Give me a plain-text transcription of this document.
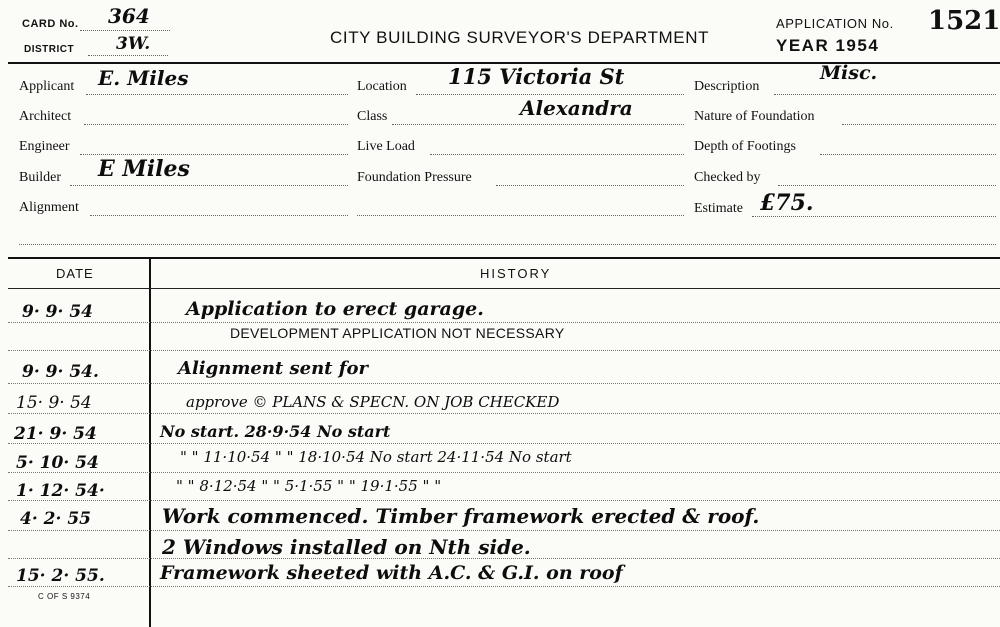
CARD No. 364
DISTRICT 3W.	CITY BUILDING SURVEYOR'S DEPARTMENT
APPLICATION No. 1521
YEAR 1954
Applicant E. Miles
Architect
Engineer
Builder E Miles
Alignment
Location 115 Victoria St
Class	Alexandra
Live Load
Foundation Pressure
Description
Misc.
Nature of Foundation
Depth of Footings
Checked by
Estimate £75.
DATE	HISTORY
9· 9· 54	Application to erect garage.
DEVELOPMENT APPLICATION NOT NECESSARY
9· 9· 54.	Alignment sent for
15· 9· 54	approve © PLANS & SPECN. ON JOB CHECKED
21· 9· 54	No start. 28·9·54 No start
5· 10· 54	" " 11·10·54 " " 18·10·54 No start 24·11·54 No start
1· 12· 54·	" " 8·12·54 " " 5·1·55 " " 19·1·55 " "
4· 2· 55	Work commenced. Timber framework erected & roof.
2 Windows installed on Nth side.
15· 2· 55.	Framework sheeted with A.C. & G.I. on roof
C OF S 9374
